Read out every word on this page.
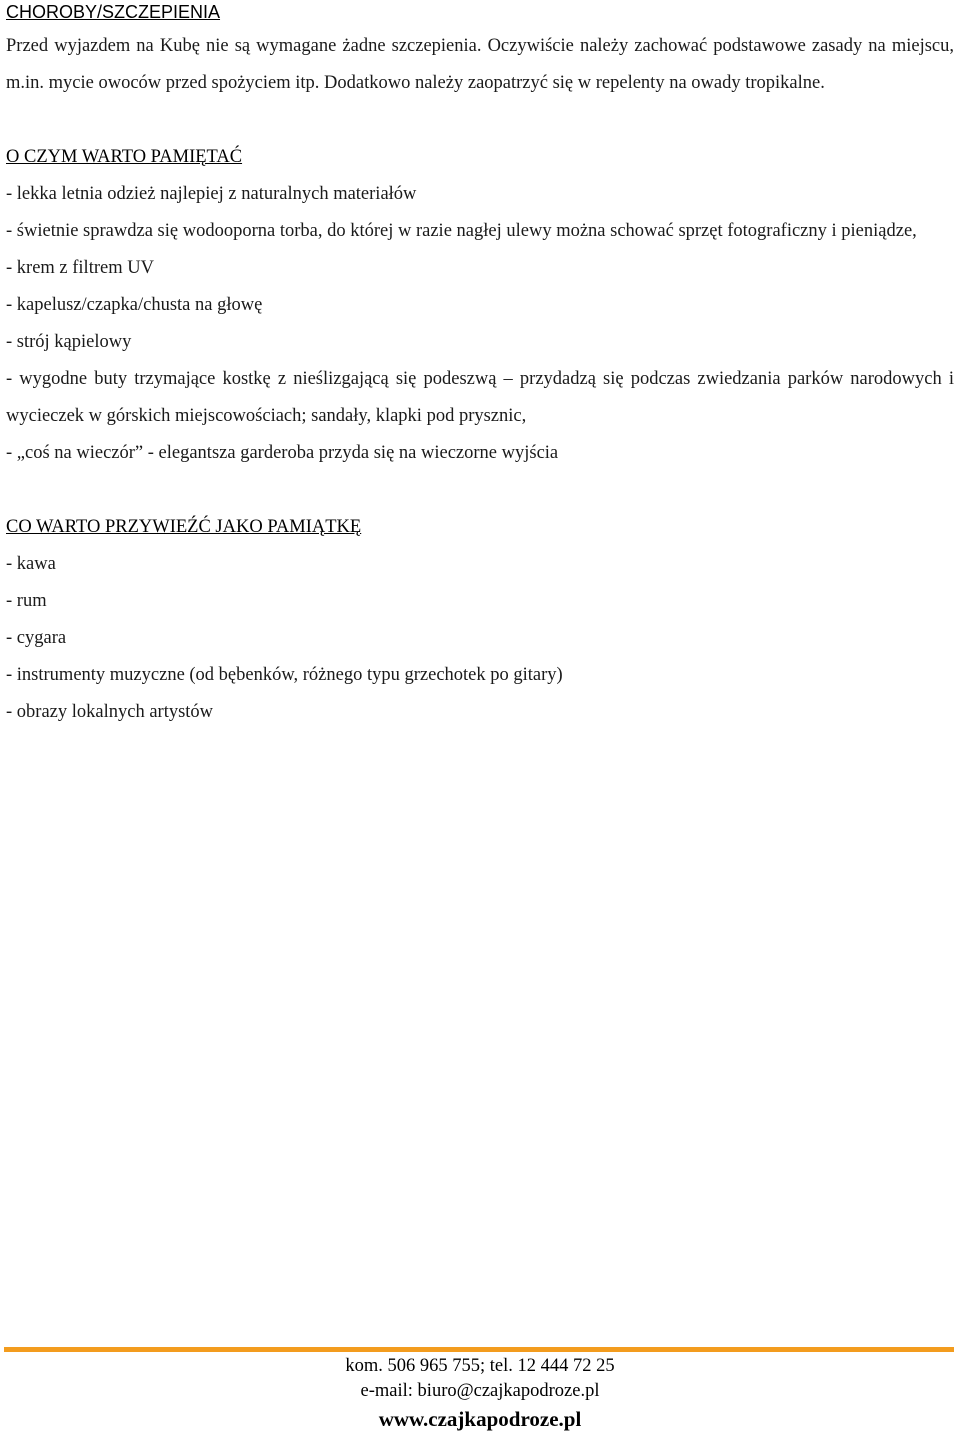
CHOROBY/SZCZEPIENIA

Przed wyjazdem na Kubę nie są wymagane żadne szczepienia. Oczywiście należy zachować podstawowe zasady na miejscu, m.in. mycie owoców przed spożyciem itp. Dodatkowo należy zaopatrzyć się w repelenty na owady tropikalne.

O CZYM WARTO PAMIĘTAĆ

- lekka letnia odzież najlepiej z naturalnych materiałów

- świetnie sprawdza się wodooporna torba, do której w razie nagłej ulewy można schować sprzęt fotograficzny i pieniądze,

- krem z filtrem UV

- kapelusz/czapka/chusta na głowę

- strój kąpielowy

- wygodne buty trzymające kostkę z nieślizgającą się podeszwą – przydadzą się podczas zwiedzania parków narodowych i wycieczek w górskich miejscowościach; sandały, klapki pod prysznic,

- „coś na wieczór” - elegantsza garderoba przyda się na wieczorne wyjścia

CO WARTO PRZYWIEŹĆ JAKO PAMIĄTKĘ

- kawa

- rum

- cygara

- instrumenty muzyczne (od bębenków, różnego typu grzechotek po gitary)

- obrazy lokalnych artystów

kom. 506 965 755; tel. 12 444 72 25

e-mail: biuro@czajkapodroze.pl

www.czajkapodroze.pl
